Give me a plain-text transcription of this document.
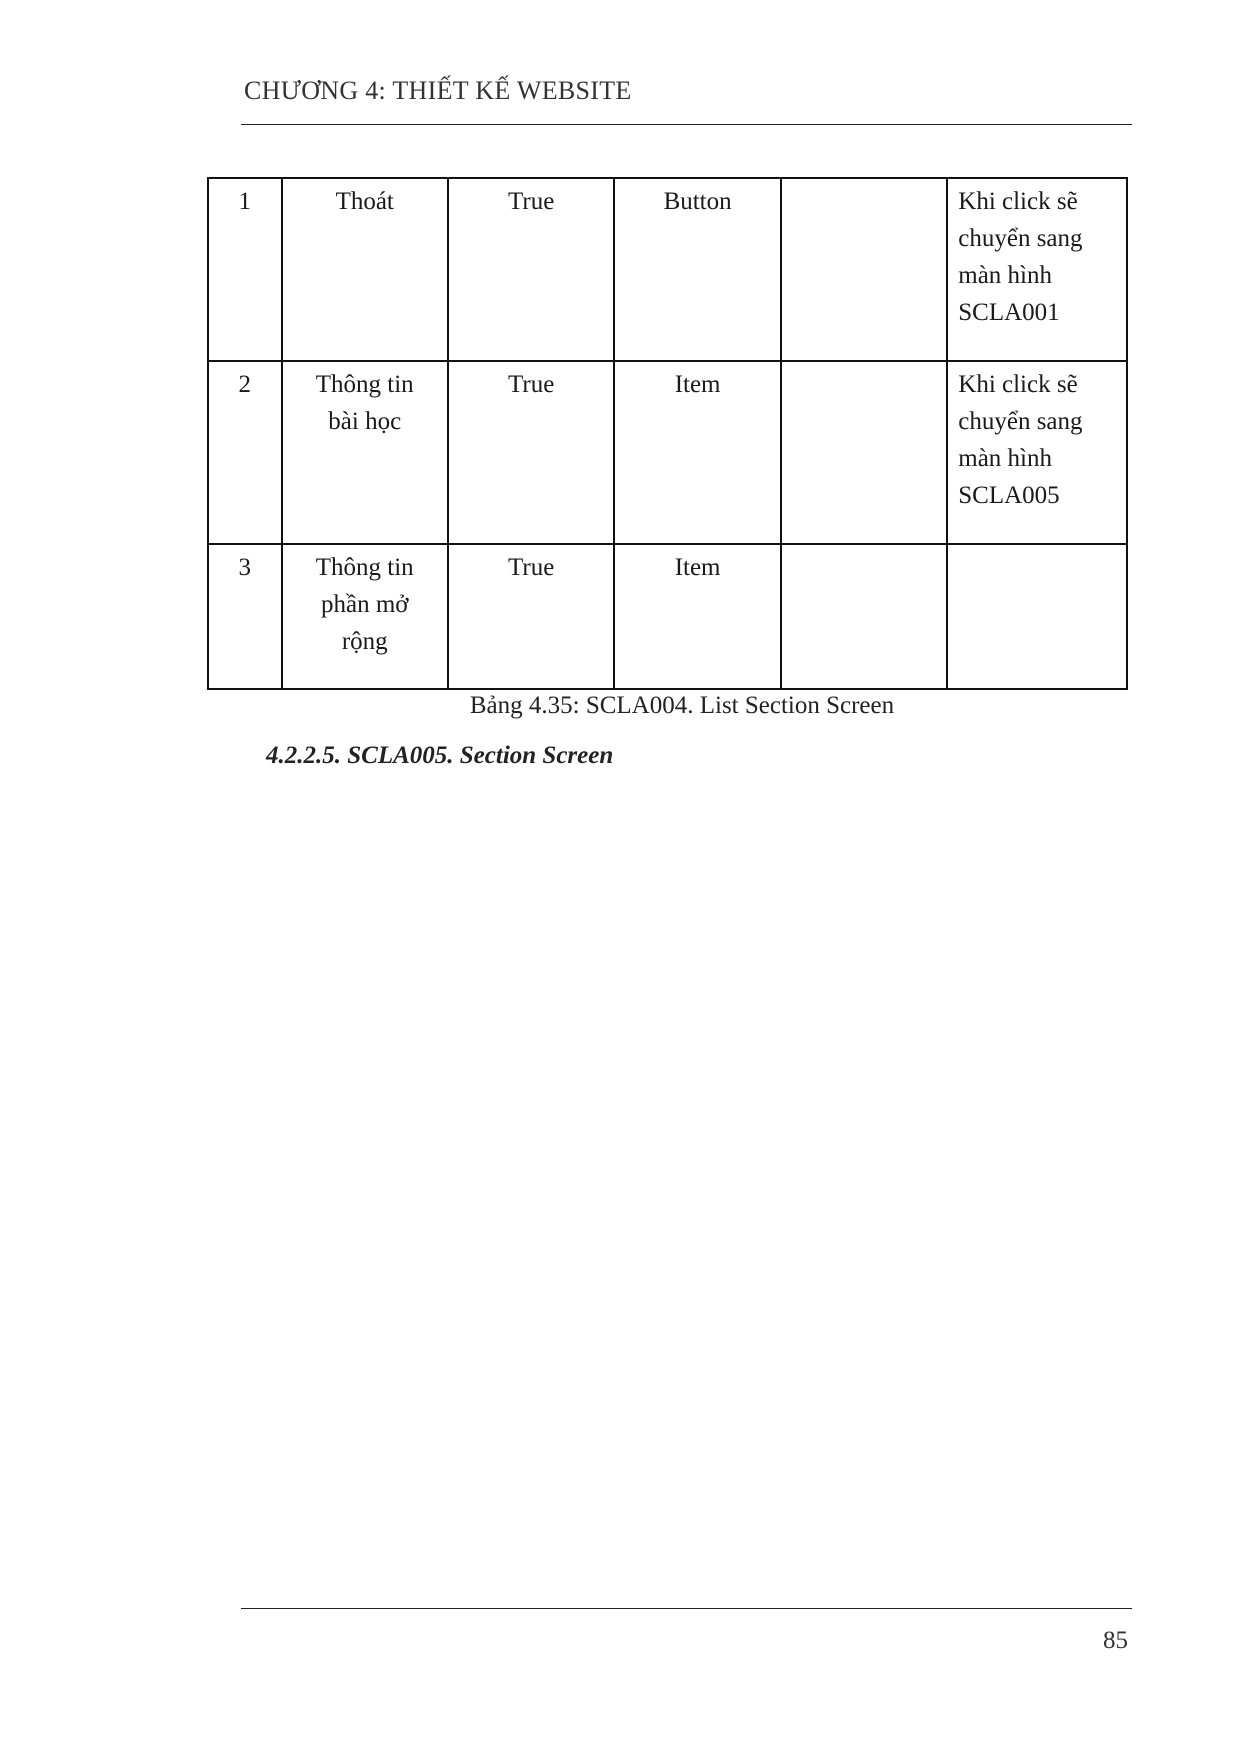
CHƯƠNG 4: THIẾT KẾ WEBSITE
1	Thoát	True	Button		Khi click sẽ
chuyển sang
màn hình
SCLA001
2	Thông tin
bài học	True	Item		Khi click sẽ
chuyển sang
màn hình
SCLA005
3	Thông tin
phần mở
rộng	True	Item		
Bảng 4.35: SCLA004. List Section Screen
4.2.2.5. SCLA005. Section Screen
85
